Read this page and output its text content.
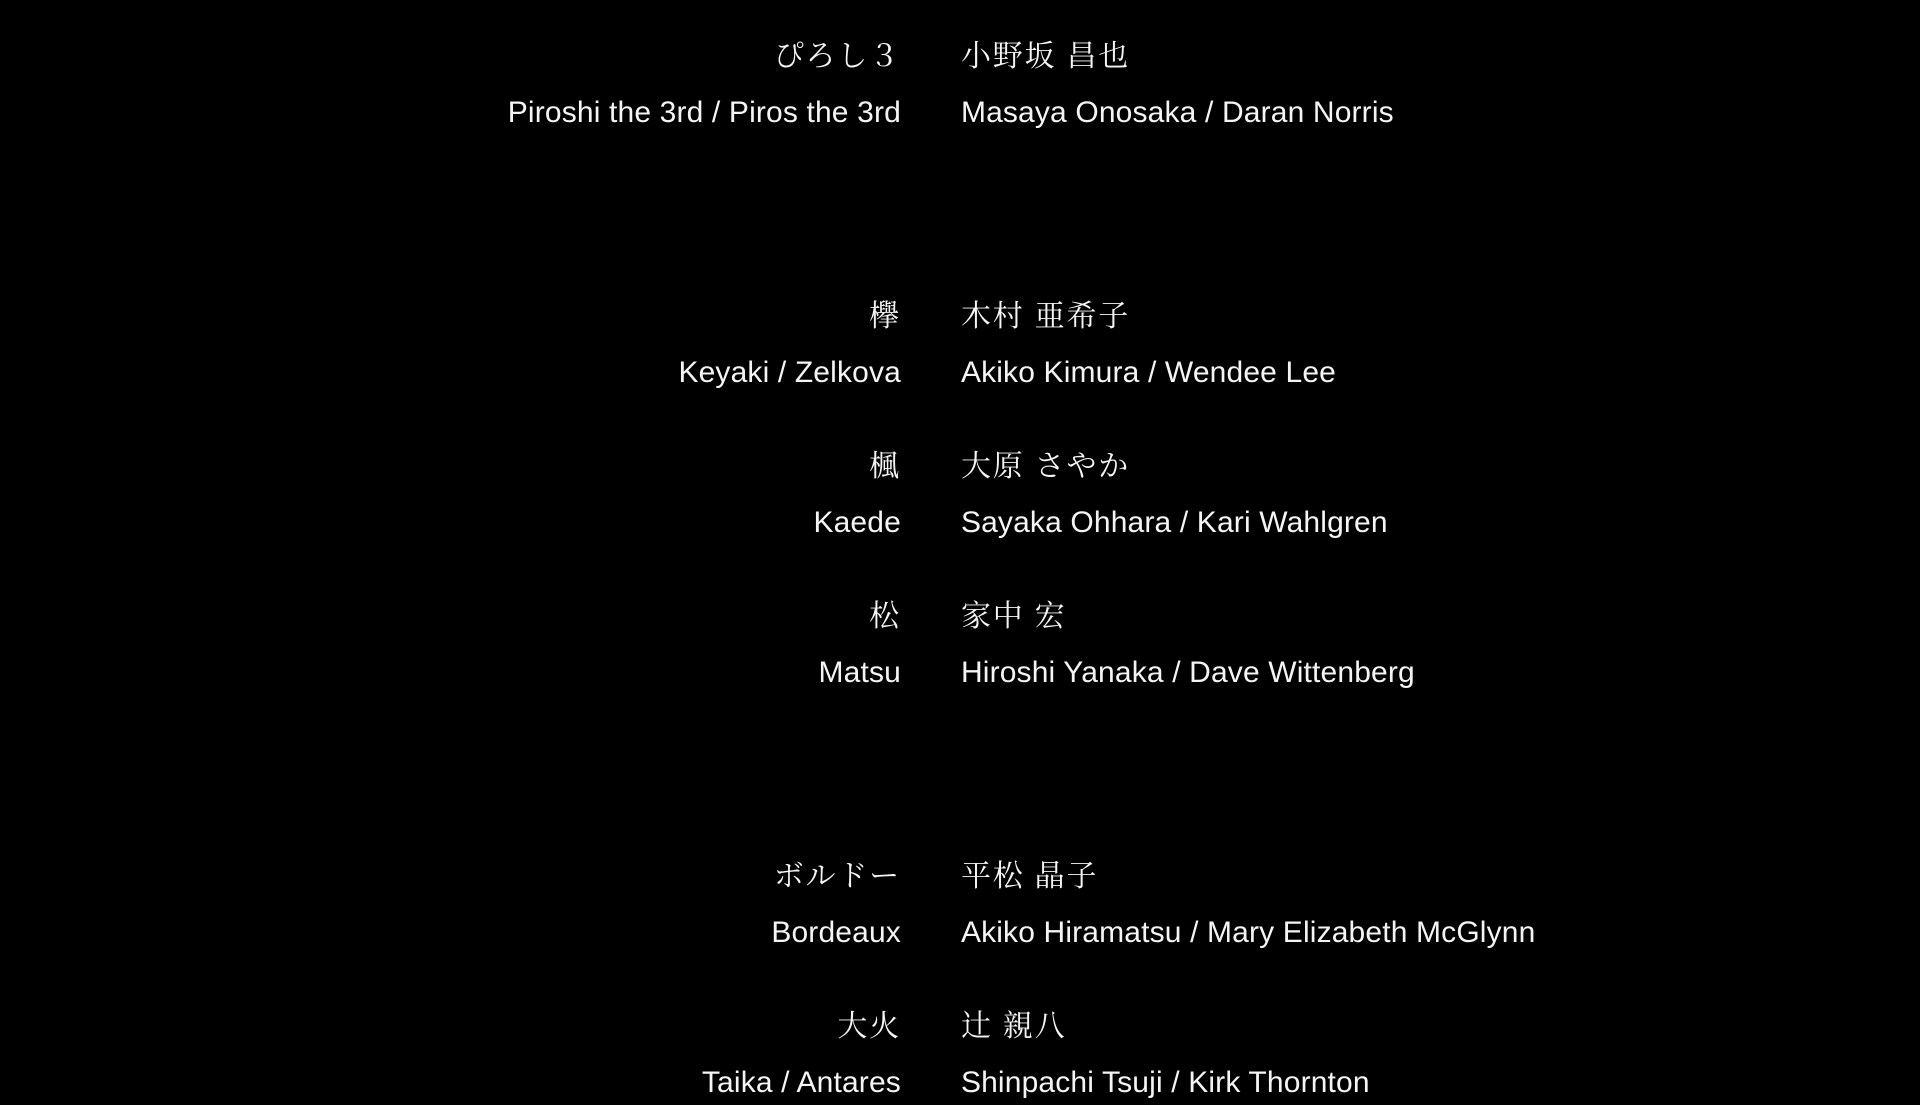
ぴろし３	小野坂 昌也
Piroshi the 3rd / Piros the 3rd	Masaya Onosaka / Daran Norris
欅	木村 亜希子
Keyaki / Zelkova	Akiko Kimura / Wendee Lee
楓	大原 さやか
Kaede	Sayaka Ohhara / Kari Wahlgren
松	家中 宏
Matsu	Hiroshi Yanaka / Dave Wittenberg
ボルドー	平松 晶子
Bordeaux	Akiko Hiramatsu / Mary Elizabeth McGlynn
大火	辻 親八
Taika / Antares	Shinpachi Tsuji / Kirk Thornton
